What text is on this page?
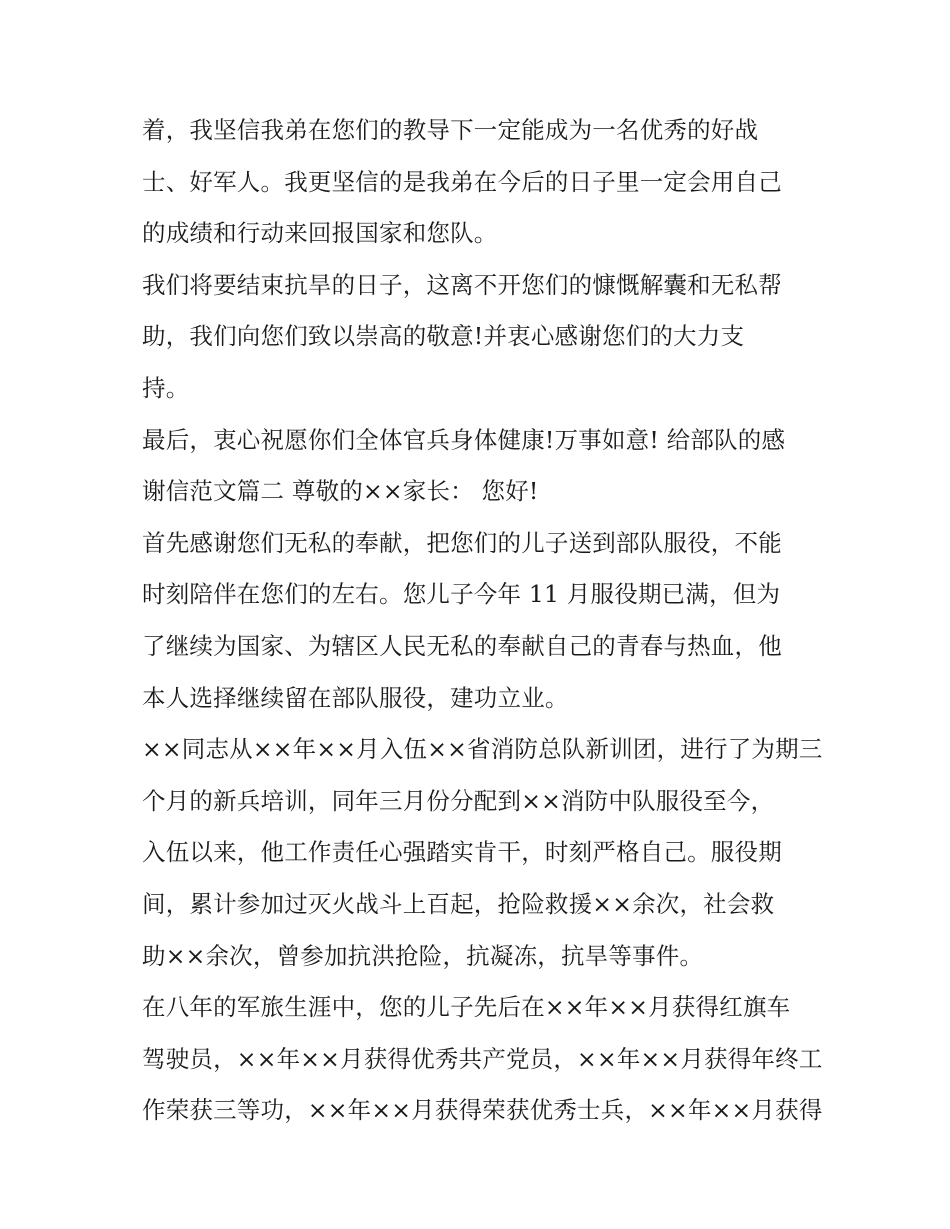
着，我坚信我弟在您们的教导下一定能成为一名优秀的好战
士、好军人。我更坚信的是我弟在今后的日子里一定会用自己
的成绩和行动来回报国家和您队。
我们将要结束抗旱的日子，这离不开您们的慷慨解囊和无私帮
助，我们向您们致以崇高的敬意!并衷心感谢您们的大力支
持。
最后，衷心祝愿你们全体官兵身体健康!万事如意! 给部队的感
谢信范文篇二 尊敬的××家长： 您好!
首先感谢您们无私的奉献，把您们的儿子送到部队服役，不能
时刻陪伴在您们的左右。您儿子今年 11 月服役期已满，但为
了继续为国家、为辖区人民无私的奉献自己的青春与热血，他
本人选择继续留在部队服役，建功立业。
××同志从××年××月入伍××省消防总队新训团，进行了为期三
个月的新兵培训，同年三月份分配到××消防中队服役至今，
入伍以来，他工作责任心强踏实肯干，时刻严格自己。服役期
间，累计参加过灭火战斗上百起，抢险救援××余次，社会救
助××余次，曾参加抗洪抢险，抗凝冻，抗旱等事件。
在八年的军旅生涯中，您的儿子先后在××年××月获得红旗车
驾驶员，××年××月获得优秀共产党员，××年××月获得年终工
作荣获三等功，××年××月获得荣获优秀士兵，××年××月获得
